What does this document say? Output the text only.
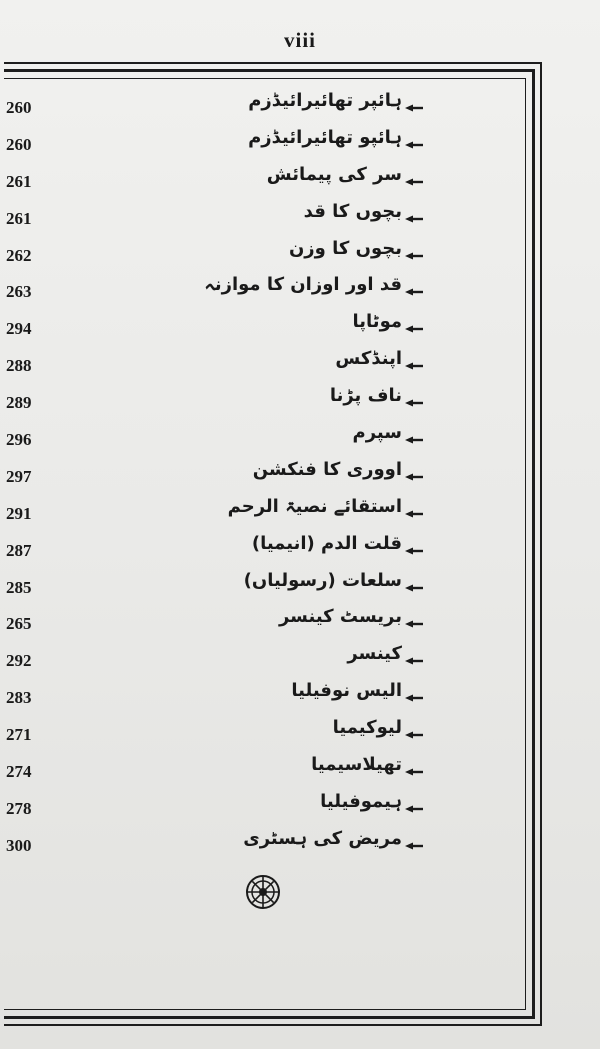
viii
260	ہائپر تھائیرائیڈزم
260	ہائپو تھائیرائیڈزم
261	سر کی پیمائش
261	بچوں کا قد
262	بچوں کا وزن
263	قد اور اوزان کا موازنہ
294	موٹاپا
288	اپنڈکس
289	ناف پڑنا
296	سپرم
297	اووری کا فنکشن
291	استقائے نصیۃ الرحم
287	قلت الدم (انیمیا)
285	سلعات (رسولیاں)
265	بریسٹ کینسر
292	کینسر
283	الیس نوفیلیا
271	لیوکیمیا
274	تھیلاسیمیا
278	ہیموفیلیا
300	مریض کی ہسٹری
